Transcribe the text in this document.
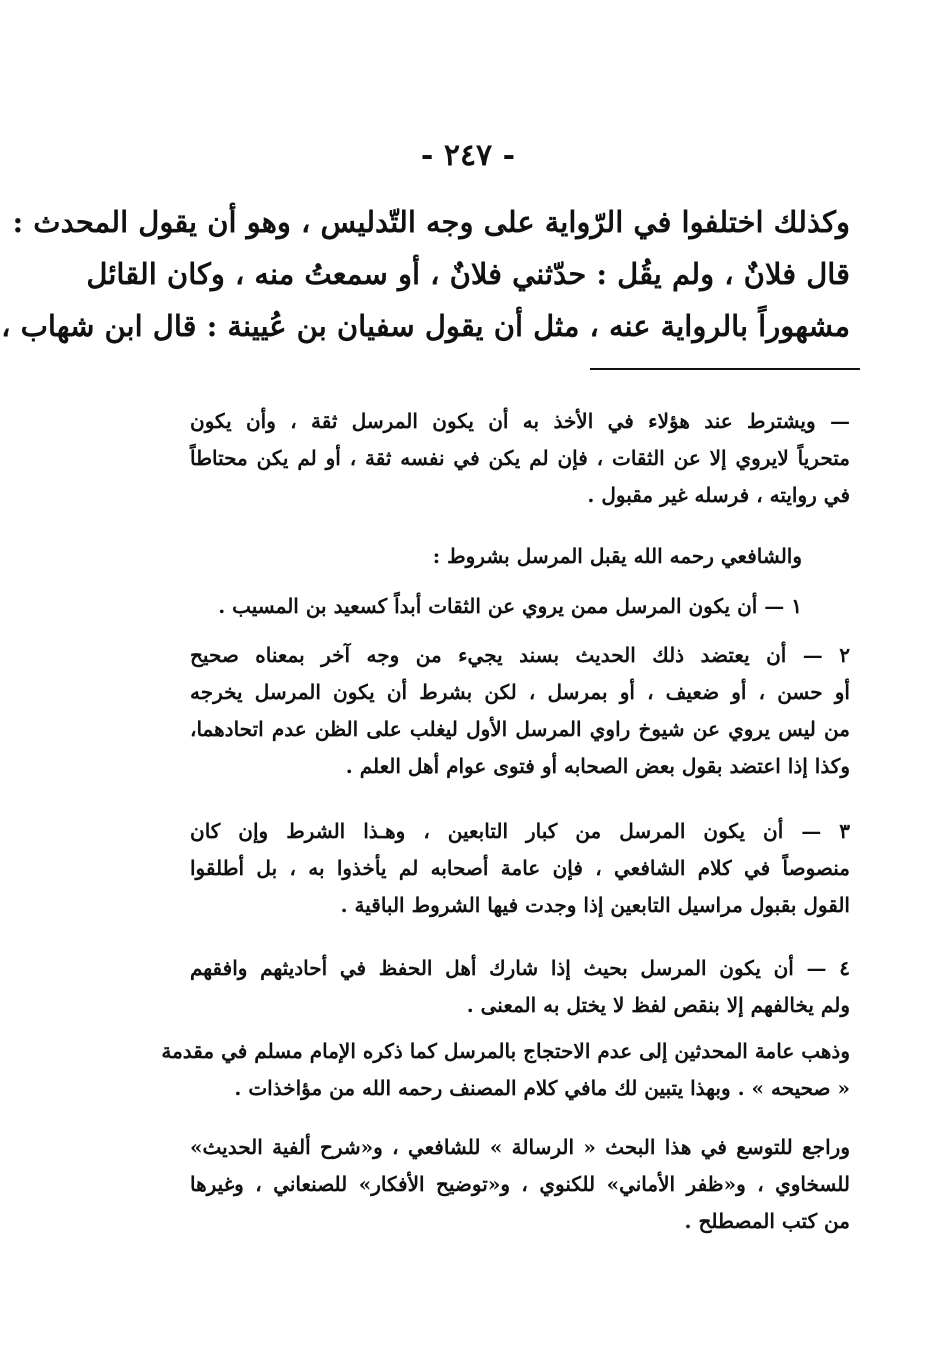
- ٢٤٧ -
وكذلك اختلفوا في الرّواية على وجه التّدليس ، وهو أن يقول المحدث :
قال فلانٌ ، ولم يقُل : حدّثني فلانٌ ، أو سمعتُ منه ، وكان القائل
مشهوراً بالرواية عنه ، مثل أن يقول سفيان بن عُيينة : قال ابن شهاب ،
— ويشترط عند هؤلاء في الأخذ به أن يكون المرسل ثقة ، وأن يكون
متحرياً لايروي إلا عن الثقات ، فإن لم يكن في نفسه ثقة ، أو لم يكن محتاطاً
في روايته ، فرسله غير مقبول .
والشافعي رحمه الله يقبل المرسل بشروط :
١ — أن يكون المرسل ممن يروي عن الثقات أبداً كسعيد بن المسيب .
٢ — أن يعتضد ذلك الحديث بسند يجيء من وجه آخر بمعناه صحيح
أو حسن ، أو ضعيف ، أو بمرسل ، لكن بشرط أن يكون المرسل يخرجه
من ليس يروي عن شيوخ راوي المرسل الأول ليغلب على الظن عدم اتحادهما،
وكذا إذا اعتضد بقول بعض الصحابه أو فتوى عوام أهل العلم .
٣ — أن يكون المرسل من كبار التابعين ، وهـذا الشرط وإن كان
منصوصاً في كلام الشافعي ، فإن عامة أصحابه لم يأخذوا به ، بل أطلقوا
القول بقبول مراسيل التابعين إذا وجدت فيها الشروط الباقية .
٤ — أن يكون المرسل بحيث إذا شارك أهل الحفظ في أحاديثهم وافقهم
ولم يخالفهم إلا بنقص لفظ لا يختل به المعنى .
وذهب عامة المحدثين إلى عدم الاحتجاج بالمرسل كما ذكره الإمام مسلم في مقدمة
« صحيحه » . وبهذا يتبين لك مافي كلام المصنف رحمه الله من مؤاخذات .
وراجع للتوسع في هذا البحث « الرسالة » للشافعي ، و«شرح ألفية الحديث»
للسخاوي ، و«ظفر الأماني» للكنوي ، و«توضيح الأفكار» للصنعاني ، وغيرها
من كتب المصطلح .
